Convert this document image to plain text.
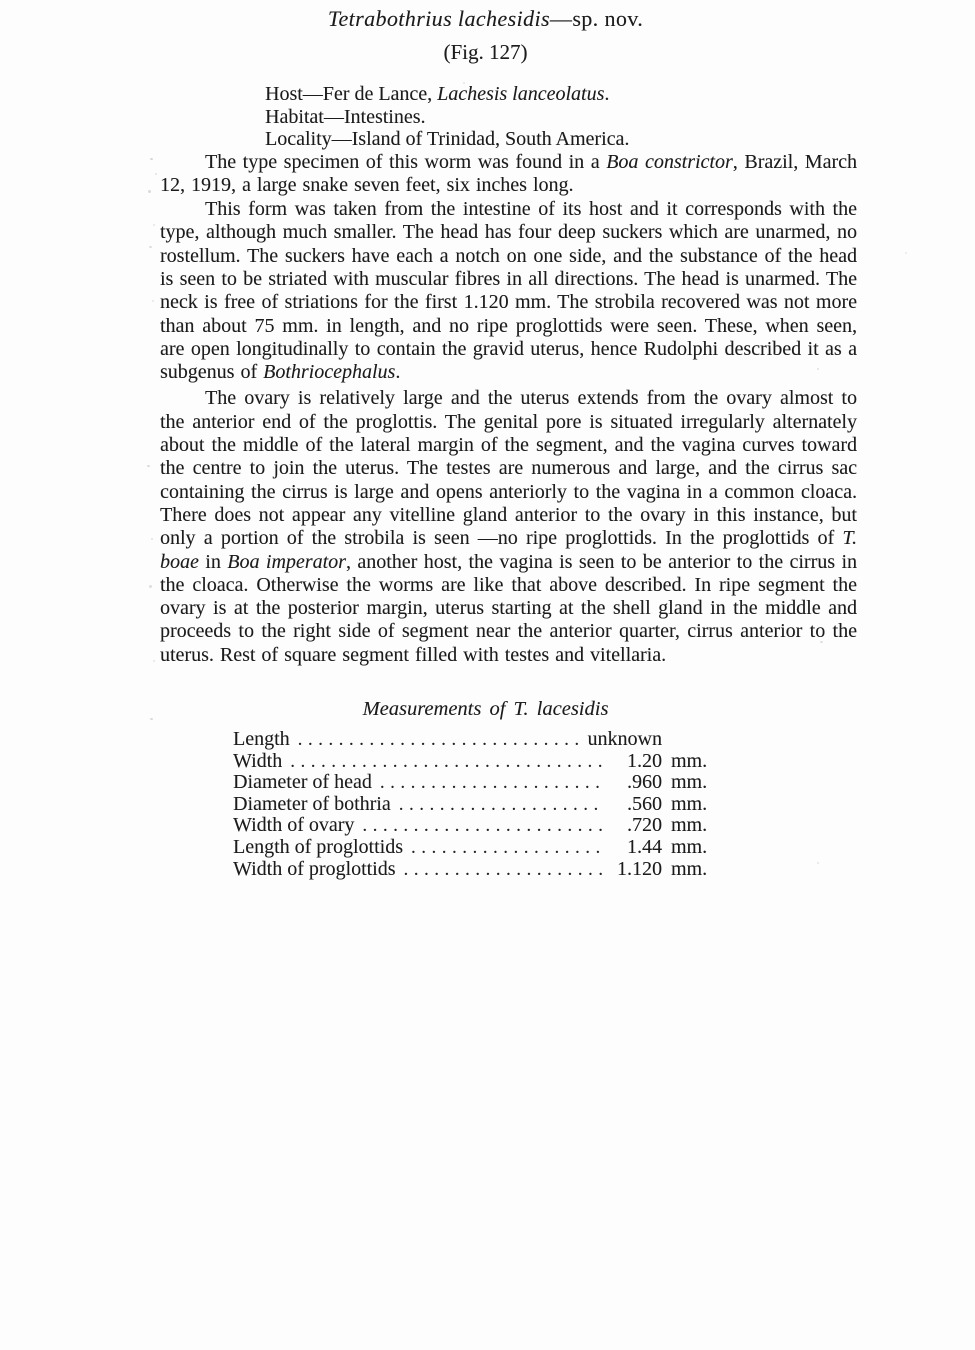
Tetrabothrius lachesidis—sp. nov.
(Fig. 127)
Host—Fer de Lance, Lachesis lanceolatus.
Habitat—Intestines.
Locality—Island of Trinidad, South America.

The type specimen of this worm was found in a Boa constrictor, Brazil, March 12, 1919, a large snake seven feet, six inches long.

This form was taken from the intestine of its host and it corresponds with the type, although much smaller. The head has four deep suckers which are unarmed, no rostellum. The suckers have each a notch on one side, and the substance of the head is seen to be striated with muscular fibres in all directions. The head is unarmed. The neck is free of striations for the first 1.120 mm. The strobila recovered was not more than about 75 mm. in length, and no ripe proglottids were seen. These, when seen, are open longitudinally to contain the gravid uterus, hence Rudolphi described it as a subgenus of Bothriocephalus.

The ovary is relatively large and the uterus extends from the ovary almost to the anterior end of the proglottis. The genital pore is situated irregularly alternately about the middle of the lateral margin of the segment, and the vagina curves toward the centre to join the uterus. The testes are numerous and large, and the cirrus sac containing the cirrus is large and opens anteriorly to the vagina in a common cloaca. There does not appear any vitelline gland anterior to the ovary in this instance, but only a portion of the strobila is seen —no ripe proglottids. In the proglottids of T. boae in Boa imperator, another host, the vagina is seen to be anterior to the cirrus in the cloaca. Otherwise the worms are like that above described. In ripe segment the ovary is at the posterior margin, uterus starting at the shell gland in the middle and proceeds to the right side of segment near the anterior quarter, cirrus anterior to the uterus. Rest of square segment filled with testes and vitellaria.

Measurements of T. lacesidis
Length .....	unknown
Width .....	1.20 mm.
Diameter of head .....	.960 mm.
Diameter of bothria .....	.560 mm.
Width of ovary .....	.720 mm.
Length of proglottids .....	1.44 mm.
Width of proglottids .....	1.120 mm.
